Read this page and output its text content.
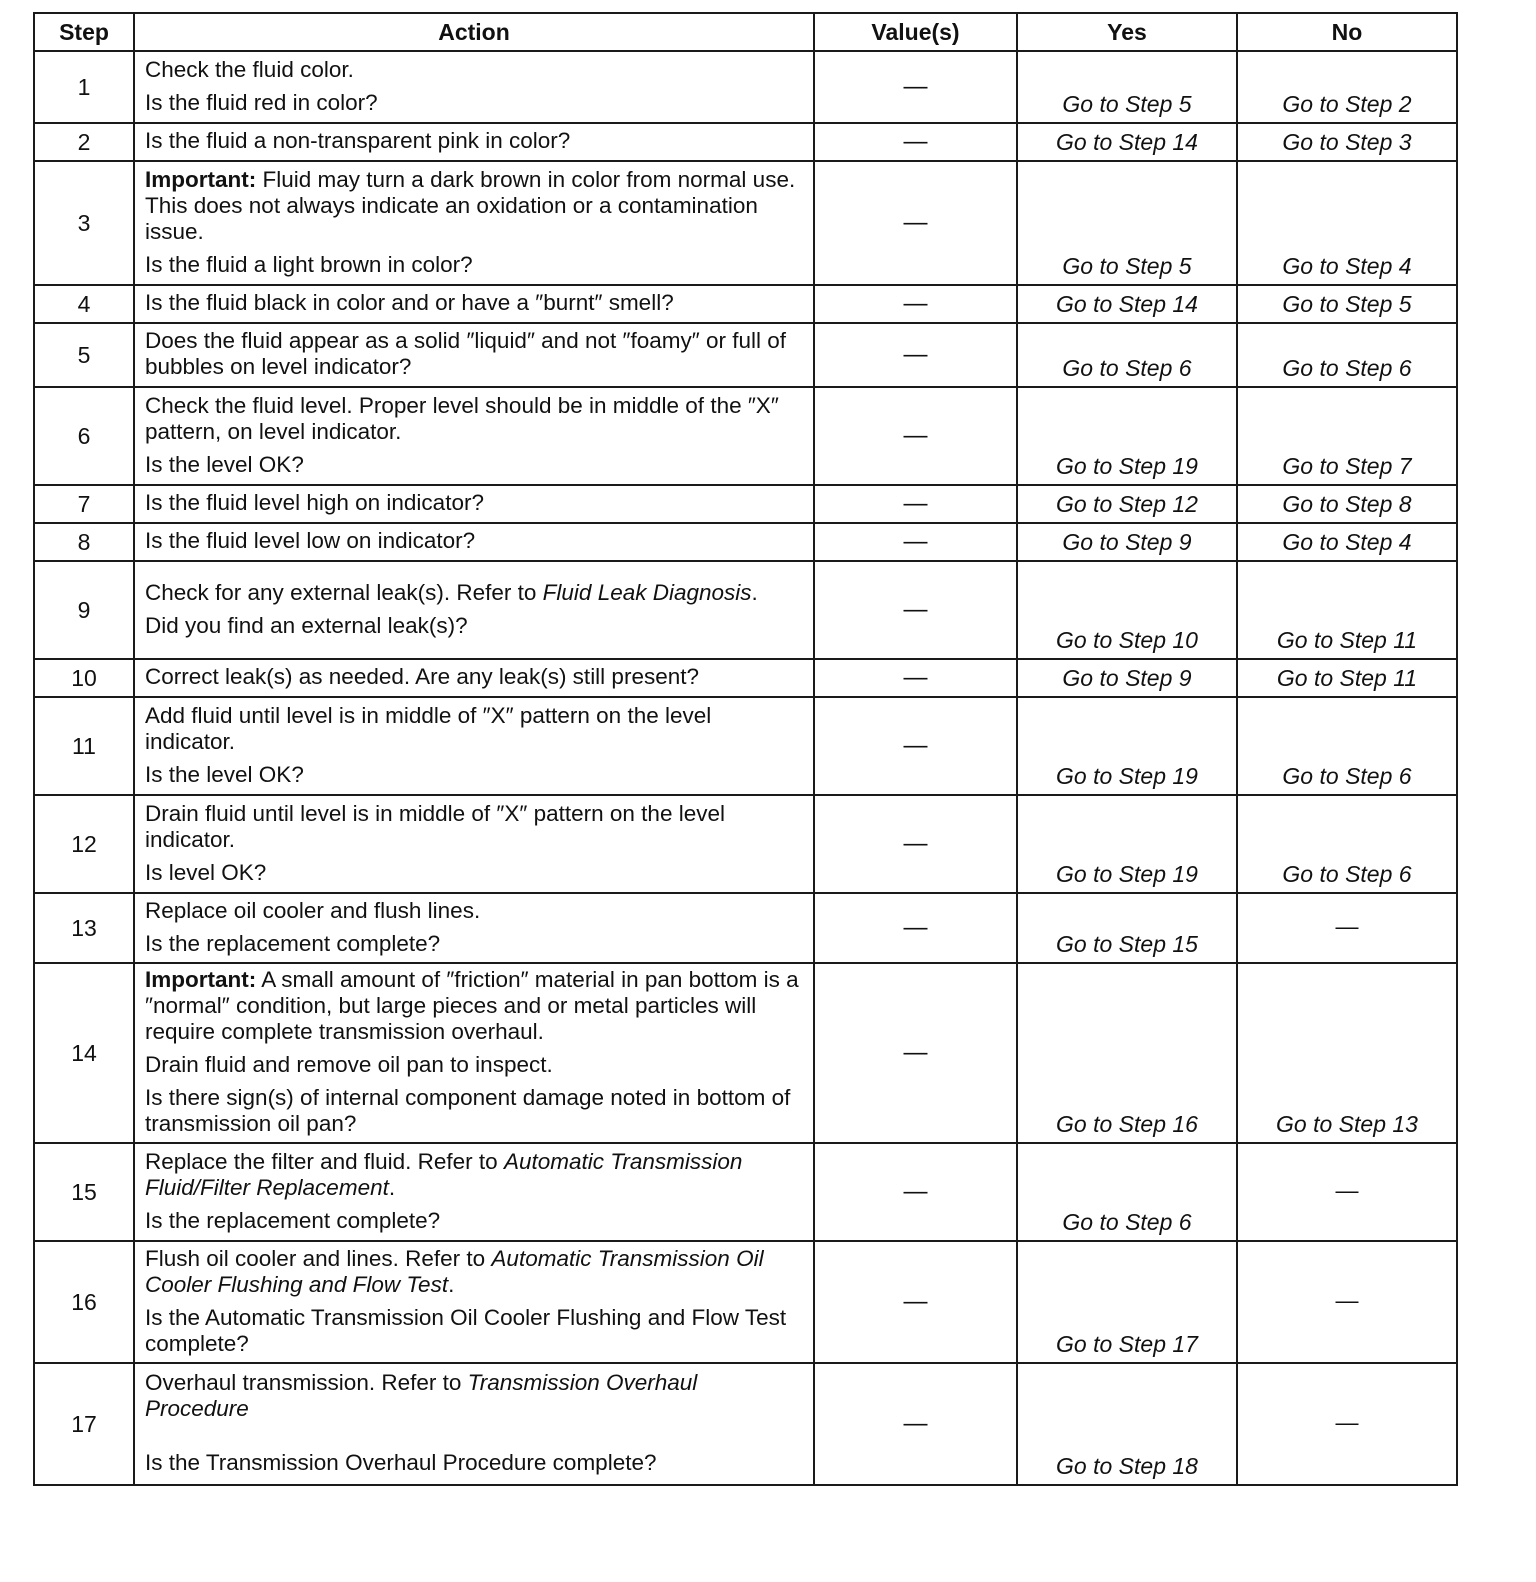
Step	Action	Value(s)	Yes	No
1	Check the fluid color.

Is the fluid red in color?	—	Go to Step 5	Go to Step 2
2	Is the fluid a non-transparent pink in color?	—	Go to Step 14	Go to Step 3
3	Important: Fluid may turn a dark brown in color from normal use. This does not always indicate an oxidation or a contamination issue.

Is the fluid a light brown in color?	—	Go to Step 5	Go to Step 4
4	Is the fluid black in color and or have a ″burnt″ smell?	—	Go to Step 14	Go to Step 5
5	Does the fluid appear as a solid ″liquid″ and not ″foamy″ or full of bubbles on level indicator?	—	Go to Step 6	Go to Step 6
6	Check the fluid level. Proper level should be in middle of the ″X″ pattern, on level indicator.

Is the level OK?	—	Go to Step 19	Go to Step 7
7	Is the fluid level high on indicator?	—	Go to Step 12	Go to Step 8
8	Is the fluid level low on indicator?	—	Go to Step 9	Go to Step 4
9	Check for any external leak(s). Refer to Fluid Leak Diagnosis.

Did you find an external leak(s)?	—	Go to Step 10	Go to Step 11
10	Correct leak(s) as needed. Are any leak(s) still present?	—	Go to Step 9	Go to Step 11
11	Add fluid until level is in middle of ″X″ pattern on the level indicator.

Is the level OK?	—	Go to Step 19	Go to Step 6
12	Drain fluid until level is in middle of ″X″ pattern on the level indicator.

Is level OK?	—	Go to Step 19	Go to Step 6
13	Replace oil cooler and flush lines.

Is the replacement complete?	—	Go to Step 15	—
14	Important: A small amount of ″friction″ material in pan bottom is a ″normal″ condition, but large pieces and or metal particles will require complete transmission overhaul.

Drain fluid and remove oil pan to inspect.

Is there sign(s) of internal component damage noted in bottom of transmission oil pan?	—	Go to Step 16	Go to Step 13
15	Replace the filter and fluid. Refer to Automatic Transmission Fluid/Filter Replacement.

Is the replacement complete?	—	Go to Step 6	—
16	Flush oil cooler and lines. Refer to Automatic Transmission Oil Cooler Flushing and Flow Test.

Is the Automatic Transmission Oil Cooler Flushing and Flow Test complete?	—	Go to Step 17	—
17	Overhaul transmission. Refer to Transmission Overhaul Procedure

Is the Transmission Overhaul Procedure complete?	—	Go to Step 18	—
